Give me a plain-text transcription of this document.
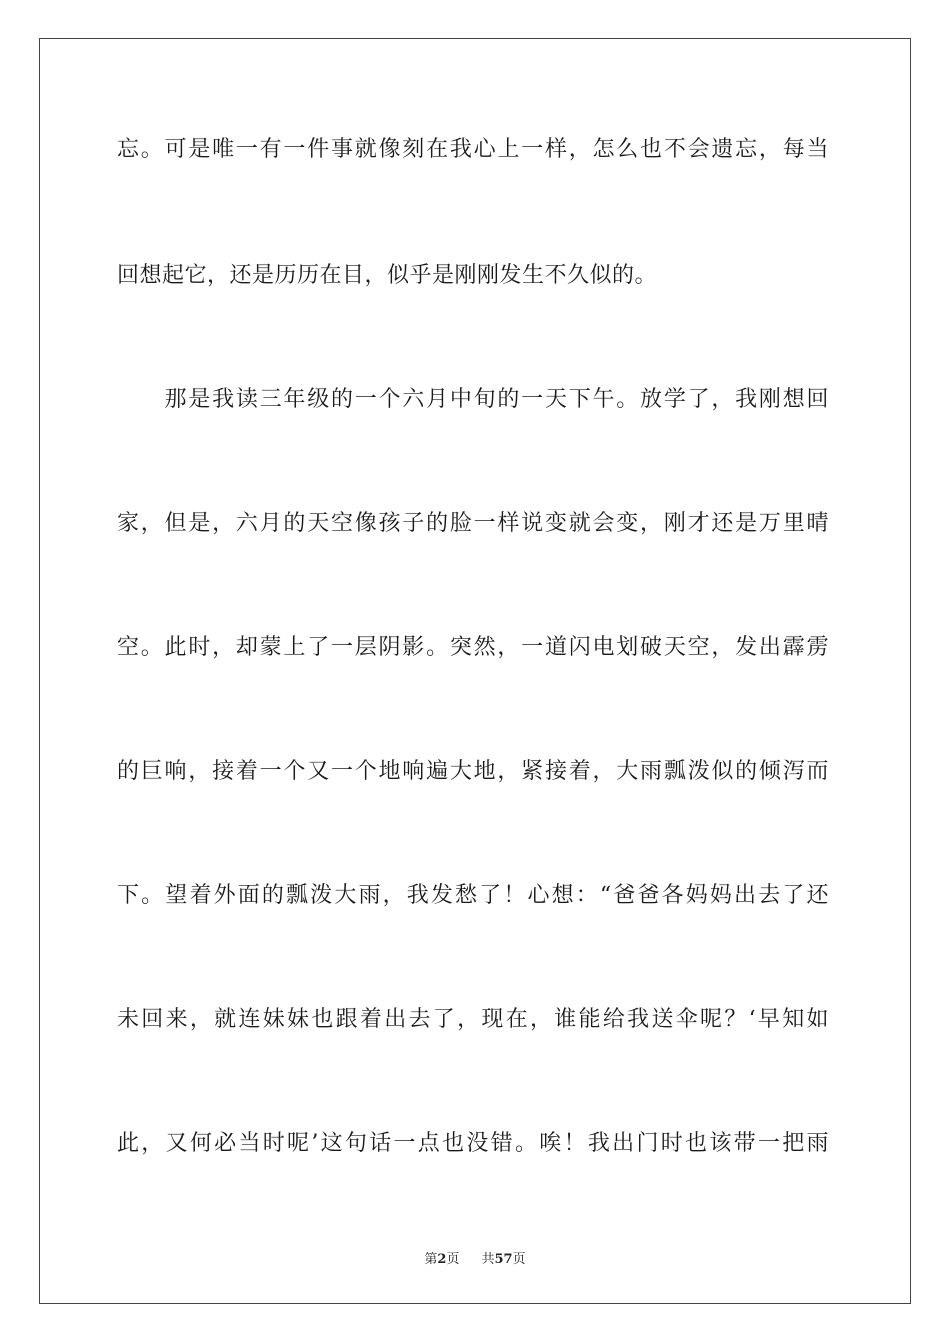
忘。可是唯一有一件事就像刻在我心上一样，怎么也不会遗忘，每当
回想起它，还是历历在目，似乎是刚刚发生不久似的。
　　那是我读三年级的一个六月中旬的一天下午。放学了，我刚想回
家，但是，六月的天空像孩子的脸一样说变就会变，刚才还是万里晴
空。此时，却蒙上了一层阴影。突然，一道闪电划破天空，发出霹雳
的巨响，接着一个又一个地响遍大地，紧接着，大雨瓢泼似的倾泻而
下。望着外面的瓢泼大雨，我发愁了！心想：“爸爸各妈妈出去了还
未回来，就连妹妹也跟着出去了，现在，谁能给我送伞呢？‘早知如
此，又何必当时呢’这句话一点也没错。唉！我出门时也该带一把雨
第2页 共57页
